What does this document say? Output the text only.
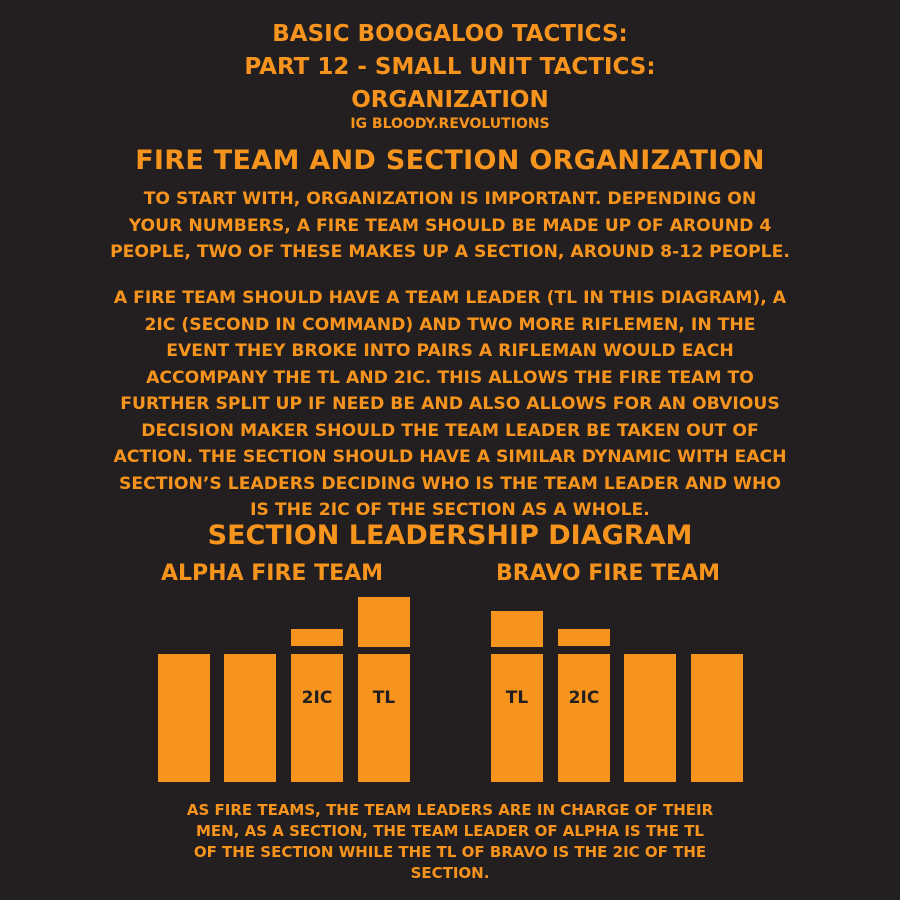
BASIC BOOGALOO TACTICS:
PART 12 - SMALL UNIT TACTICS:
ORGANIZATION

IG BLOODY.REVOLUTIONS

FIRE TEAM AND SECTION ORGANIZATION

TO START WITH, ORGANIZATION IS IMPORTANT. DEPENDING ON
YOUR NUMBERS, A FIRE TEAM SHOULD BE MADE UP OF AROUND 4
PEOPLE, TWO OF THESE MAKES UP A SECTION, AROUND 8-12 PEOPLE.

A FIRE TEAM SHOULD HAVE A TEAM LEADER (TL IN THIS DIAGRAM), A
2IC (SECOND IN COMMAND) AND TWO MORE RIFLEMEN, IN THE
EVENT THEY BROKE INTO PAIRS A RIFLEMAN WOULD EACH
ACCOMPANY THE TL AND 2IC. THIS ALLOWS THE FIRE TEAM TO
FURTHER SPLIT UP IF NEED BE AND ALSO ALLOWS FOR AN OBVIOUS
DECISION MAKER SHOULD THE TEAM LEADER BE TAKEN OUT OF
ACTION. THE SECTION SHOULD HAVE A SIMILAR DYNAMIC WITH EACH
SECTION’S LEADERS DECIDING WHO IS THE TEAM LEADER AND WHO
IS THE 2IC OF THE SECTION AS A WHOLE.

SECTION LEADERSHIP DIAGRAM

ALPHA FIRE TEAM	BRAVO FIRE TEAM

2IC	TL	TL	2IC

AS FIRE TEAMS, THE TEAM LEADERS ARE IN CHARGE OF THEIR
MEN, AS A SECTION, THE TEAM LEADER OF ALPHA IS THE TL
OF THE SECTION WHILE THE TL OF BRAVO IS THE 2IC OF THE
SECTION.
